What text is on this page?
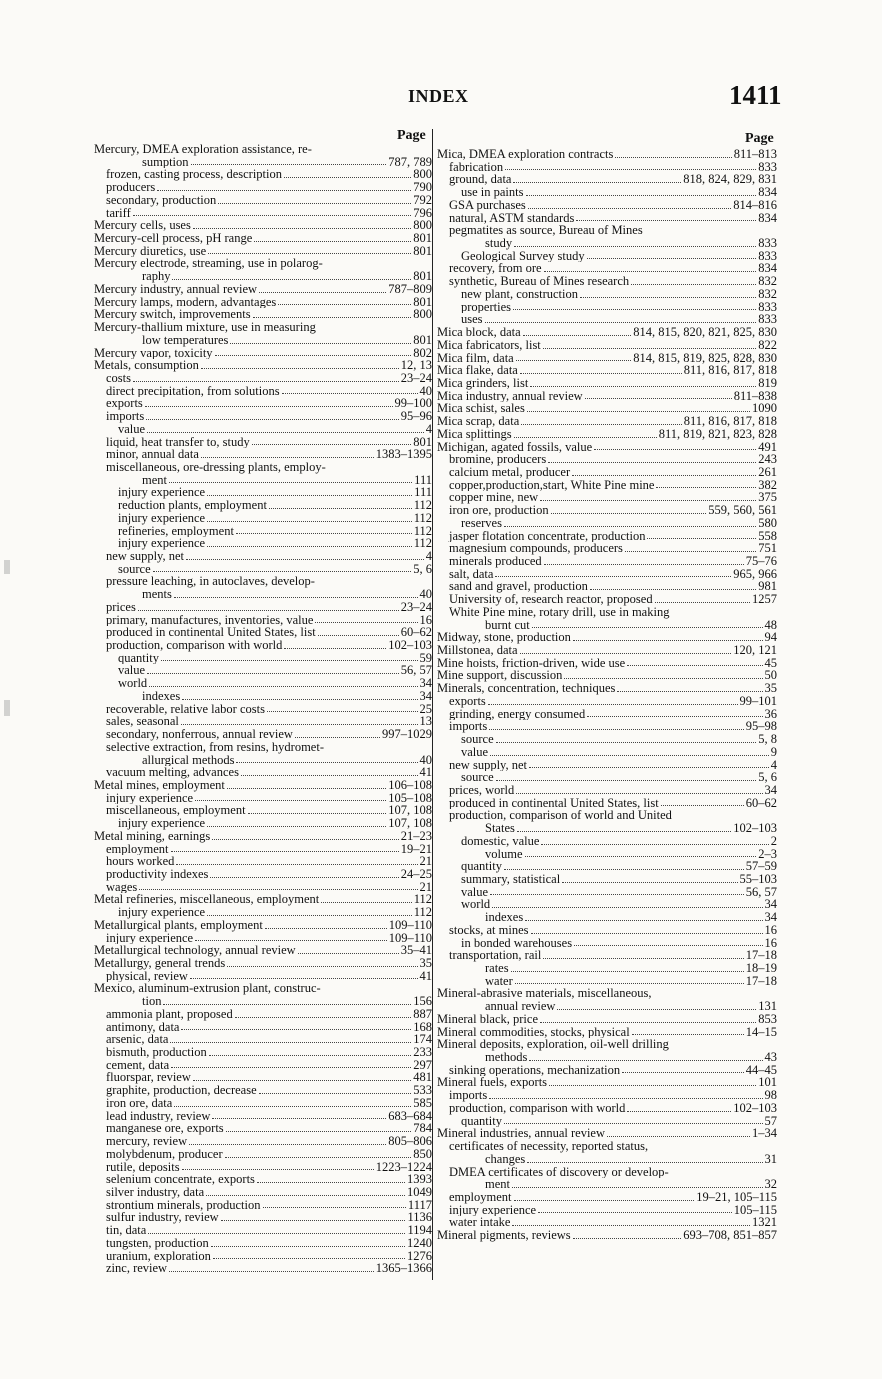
INDEX	1411
Page	Page
Mercury, DMEA exploration assistance, re-
sumption	787, 789
frozen, casting process, description	800
producers	790
secondary, production	792
tariff	796
Mercury cells, uses	800
Mercury-cell process, pH range	801
Mercury diuretics, use	801
Mercury electrode, streaming, use in polarog-
raphy	801
Mercury industry, annual review	787–809
Mercury lamps, modern, advantages	801
Mercury switch, improvements	800
Mercury-thallium mixture, use in measuring
low temperatures	801
Mercury vapor, toxicity	802
Metals, consumption	12, 13
costs	23–24
direct precipitation, from solutions	40
exports	99–100
imports	95–96
value	4
liquid, heat transfer to, study	801
minor, annual data	1383–1395
miscellaneous, ore-dressing plants, employ-
ment	111
injury experience	111
reduction plants, employment	112
injury experience	112
refineries, employment	112
injury experience	112
new supply, net	4
source	5, 6
pressure leaching, in autoclaves, develop-
ments	40
prices	23–24
primary, manufactures, inventories, value	16
produced in continental United States, list	60–62
production, comparison with world	102–103
quantity	59
value	56, 57
world	34
indexes	34
recoverable, relative labor costs	25
sales, seasonal	13
secondary, nonferrous, annual review	997–1029
selective extraction, from resins, hydromet-
allurgical methods	40
vacuum melting, advances	41
Metal mines, employment	106–108
injury experience	105–108
miscellaneous, employment	107, 108
injury experience	107, 108
Metal mining, earnings	21–23
employment	19–21
hours worked	21
productivity indexes	24–25
wages	21
Metal refineries, miscellaneous, employment	112
injury experience	112
Metallurgical plants, employment	109–110
injury experience	109–110
Metallurgical technology, annual review	35–41
Metallurgy, general trends	35
physical, review	41
Mexico, aluminum-extrusion plant, construc-
tion	156
ammonia plant, proposed	887
antimony, data	168
arsenic, data	174
bismuth, production	233
cement, data	297
fluorspar, review	481
graphite, production, decrease	533
iron ore, data	585
lead industry, review	683–684
manganese ore, exports	784
mercury, review	805–806
molybdenum, producer	850
rutile, deposits	1223–1224
selenium concentrate, exports	1393
silver industry, data	1049
strontium minerals, production	1117
sulfur industry, review	1136
tin, data	1194
tungsten, production	1240
uranium, exploration	1276
zinc, review	1365–1366
Mica, DMEA exploration contracts	811–813
fabrication	833
ground, data	818, 824, 829, 831
use in paints	834
GSA purchases	814–816
natural, ASTM standards	834
pegmatites as source, Bureau of Mines
study	833
Geological Survey study	833
recovery, from ore	834
synthetic, Bureau of Mines research	832
new plant, construction	832
properties	833
uses	833
Mica block, data	814, 815, 820, 821, 825, 830
Mica fabricators, list	822
Mica film, data	814, 815, 819, 825, 828, 830
Mica flake, data	811, 816, 817, 818
Mica grinders, list	819
Mica industry, annual review	811–838
Mica schist, sales	1090
Mica scrap, data	811, 816, 817, 818
Mica splittings	811, 819, 821, 823, 828
Michigan, agated fossils, value	491
bromine, producers	243
calcium metal, producer	261
copper,production,start, White Pine mine	382
copper mine, new	375
iron ore, production	559, 560, 561
reserves	580
jasper flotation concentrate, production	558
magnesium compounds, producers	751
minerals produced	75–76
salt, data	965, 966
sand and gravel, production	981
University of, research reactor, proposed	1257
White Pine mine, rotary drill, use in making
burnt cut	48
Midway, stone, production	94
Millstonea, data	120, 121
Mine hoists, friction-driven, wide use	45
Mine support, discussion	50
Minerals, concentration, techniques	35
exports	99–101
grinding, energy consumed	36
imports	95–98
source	5, 8
value	9
new supply, net	4
source	5, 6
prices, world	34
produced in continental United States, list	60–62
production, comparison of world and United
States	102–103
domestic, value	2
volume	2–3
quantity	57–59
summary, statistical	55–103
value	56, 57
world	34
indexes	34
stocks, at mines	16
in bonded warehouses	16
transportation, rail	17–18
rates	18–19
water	17–18
Mineral-abrasive materials, miscellaneous,
annual review	131
Mineral black, price	853
Mineral commodities, stocks, physical	14–15
Mineral deposits, exploration, oil-well drilling
methods	43
sinking operations, mechanization	44–45
Mineral fuels, exports	101
imports	98
production, comparison with world	102–103
quantity	57
Mineral industries, annual review	1–34
certificates of necessity, reported status,
changes	31
DMEA certificates of discovery or develop-
ment	32
employment	19–21, 105–115
injury experience	105–115
water intake	1321
Mineral pigments, reviews	693–708, 851–857
